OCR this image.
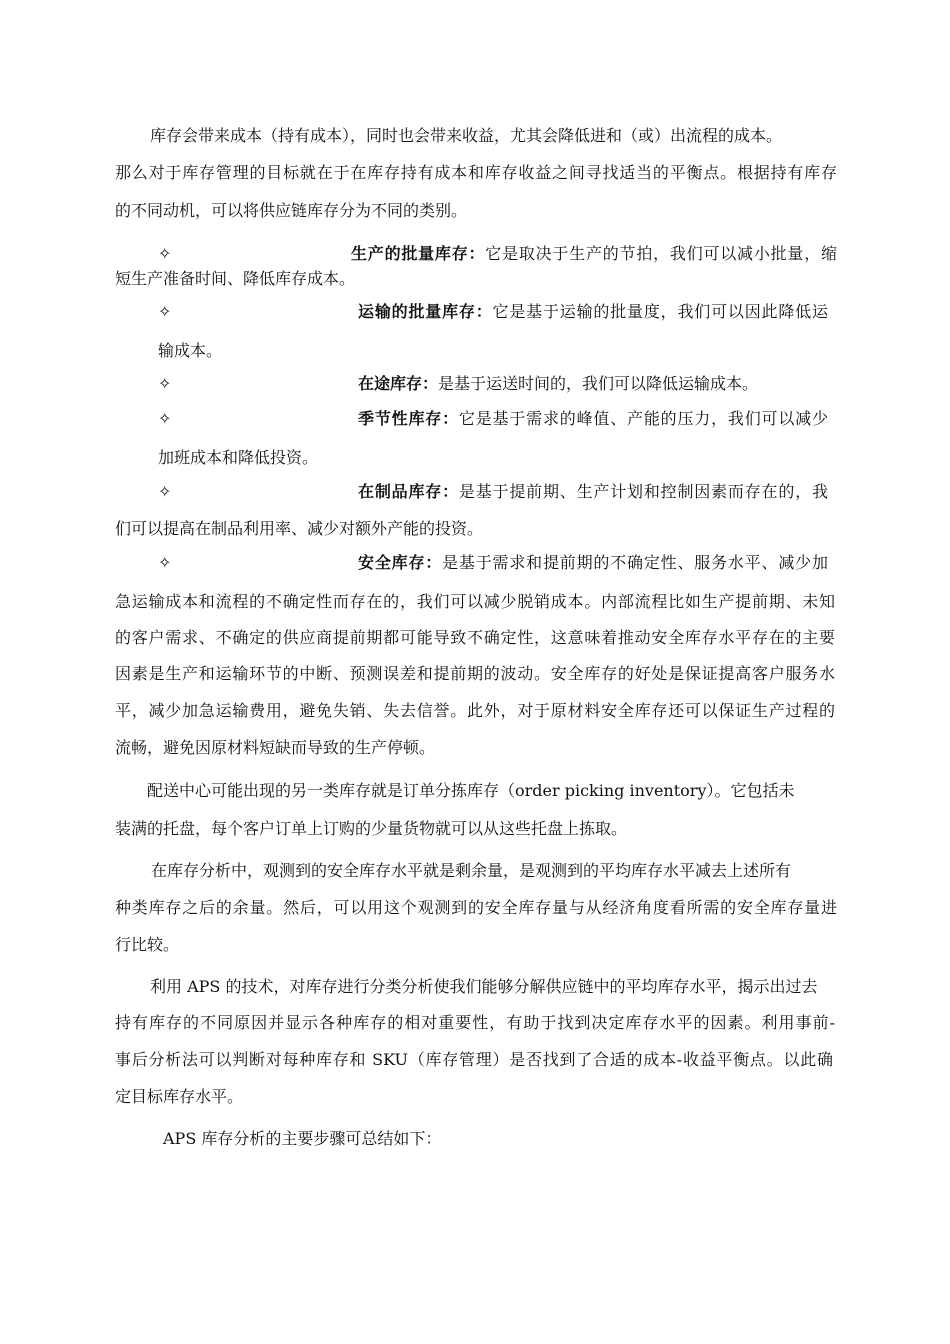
库存会带来成本（持有成本），同时也会带来收益，尤其会降低进和（或）出流程的成本。
那么对于库存管理的目标就在于在库存持有成本和库存收益之间寻找适当的平衡点。根据持有库存
的不同动机，可以将供应链库存分为不同的类别。
✧	生产的批量库存：它是取决于生产的节拍，我们可以减小批量，缩
短生产准备时间、降低库存成本。
✧	运输的批量库存：它是基于运输的批量度，我们可以因此降低运
输成本。
✧	在途库存：是基于运送时间的，我们可以降低运输成本。
✧	季节性库存：它是基于需求的峰值、产能的压力，我们可以减少
加班成本和降低投资。
✧	在制品库存：是基于提前期、生产计划和控制因素而存在的，我
们可以提高在制品利用率、减少对额外产能的投资。
✧	安全库存：是基于需求和提前期的不确定性、服务水平、减少加
急运输成本和流程的不确定性而存在的，我们可以减少脱销成本。内部流程比如生产提前期、未知
的客户需求、不确定的供应商提前期都可能导致不确定性，这意味着推动安全库存水平存在的主要
因素是生产和运输环节的中断、预测误差和提前期的波动。安全库存的好处是保证提高客户服务水
平，减少加急运输费用，避免失销、失去信誉。此外，对于原材料安全库存还可以保证生产过程的
流畅，避免因原材料短缺而导致的生产停顿。
配送中心可能出现的另一类库存就是订单分拣库存（order picking inventory）。它包括未
装满的托盘，每个客户订单上订购的少量货物就可以从这些托盘上拣取。
在库存分析中，观测到的安全库存水平就是剩余量，是观测到的平均库存水平减去上述所有
种类库存之后的余量。然后，可以用这个观测到的安全库存量与从经济角度看所需的安全库存量进
行比较。
利用 APS 的技术，对库存进行分类分析使我们能够分解供应链中的平均库存水平，揭示出过去
持有库存的不同原因并显示各种库存的相对重要性，有助于找到决定库存水平的因素。利用事前-
事后分析法可以判断对每种库存和 SKU（库存管理）是否找到了合适的成本-收益平衡点。以此确
定目标库存水平。
APS 库存分析的主要步骤可总结如下：
